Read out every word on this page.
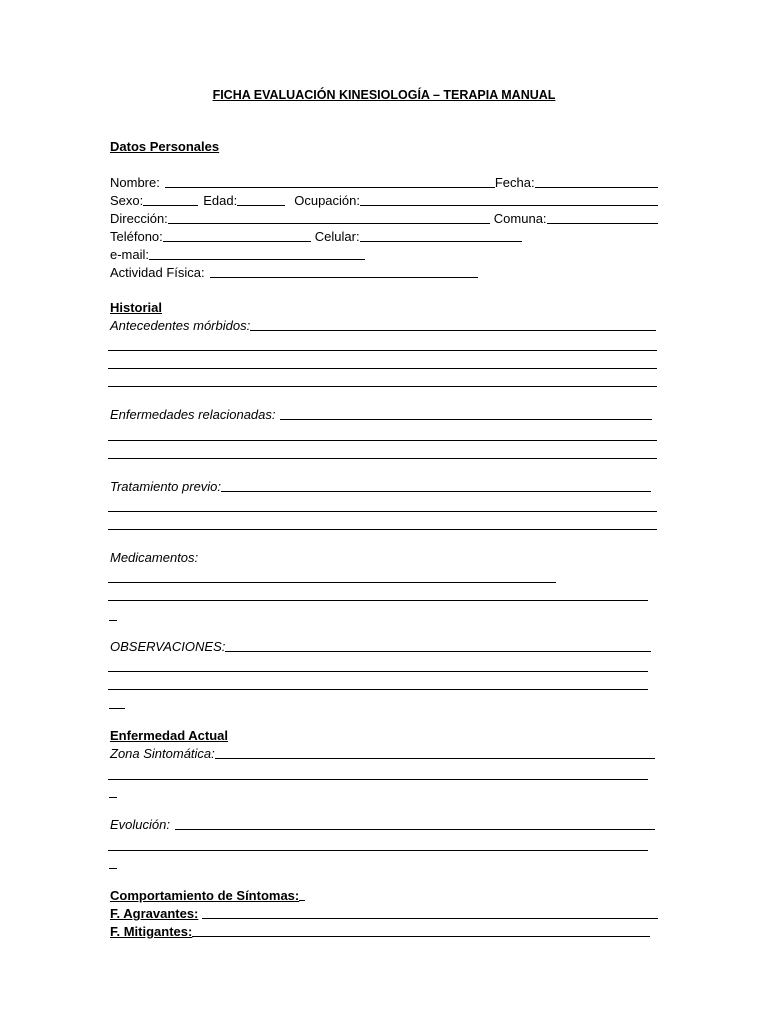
FICHA EVALUACIÓN KINESIOLOGÍA – TERAPIA MANUAL
Datos Personales
Nombre:	Fecha:
Sexo:	Edad:	Ocupación:
Dirección:	Comuna:
Teléfono:	Celular:
e-mail:
Actividad Física:
Historial
Antecedentes mórbidos:
Enfermedades relacionadas:
Tratamiento previo:
Medicamentos:
OBSERVACIONES:
Enfermedad Actual
Zona Sintomática:
Evolución:
Comportamiento de Síntomas:
F. Agravantes:
F. Mitigantes:
